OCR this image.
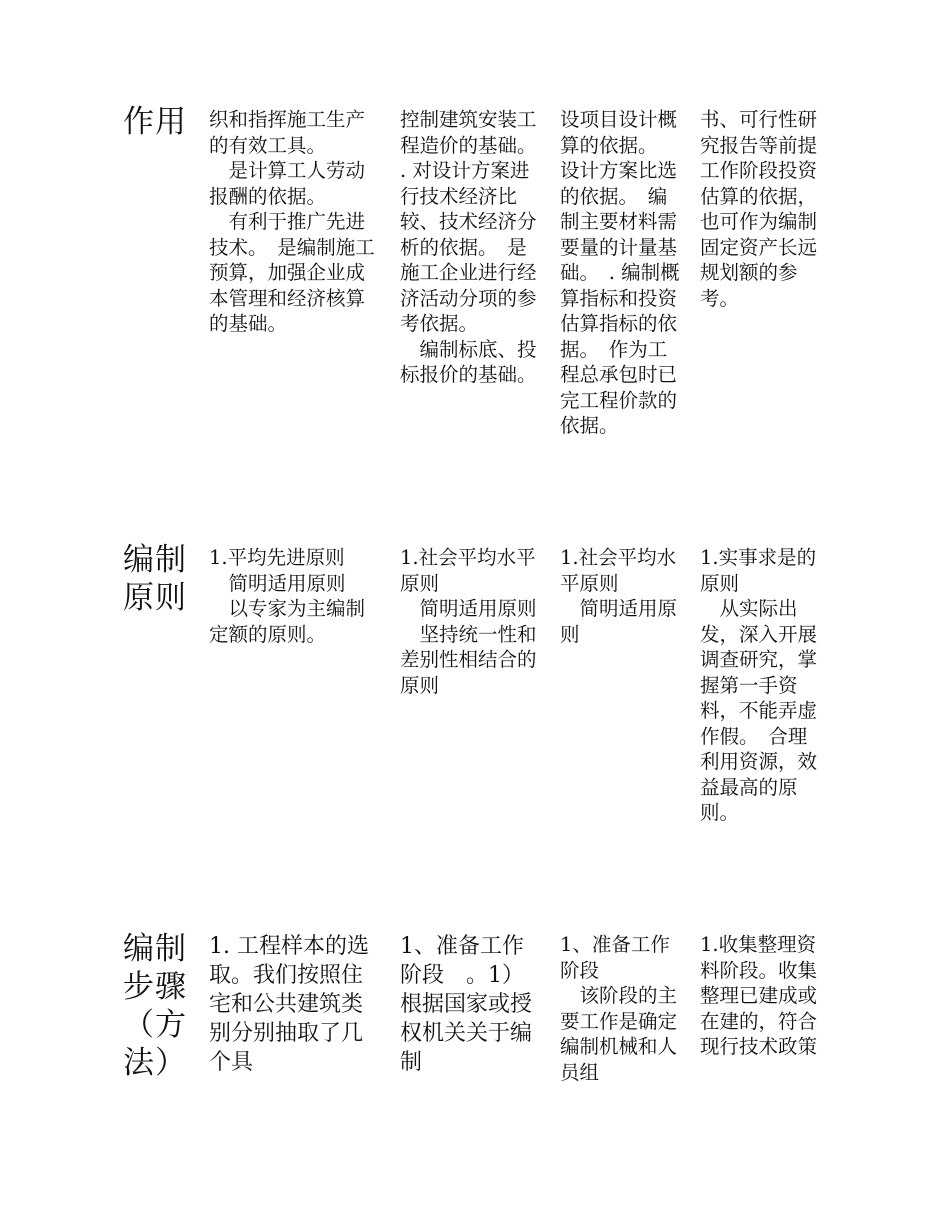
作用	织和指挥施工生产的有效工具。
　是计算工人劳动报酬的依据。
　有利于推广先进技术。　是编制施工预算，加强企业成本管理和经济核算的基础。
控制建筑安装工程造价的基础。　. 对设计方案进行技术经济比较、技术经济分析的依据。　是施工企业进行经济活动分项的参考依据。
　编制标底、投标报价的基础。
设项目设计概算的依据。　设计方案比选的依据。　编制主要材料需要量的计量基础。　. 编制概算指标和投资估算指标的依据。　作为工程总承包时已完工程价款的依据。
书、可行性研究报告等前提工作阶段投资估算的依据，也可作为编制固定资产长远规划额的参考。
编制原则
1.平均先进原则
　简明适用原则
　以专家为主编制定额的原则。
1.社会平均水平原则
　简明适用原则
　坚持统一性和差别性相结合的原则
1.社会平均水平原则
　简明适用原则
1.实事求是的原则
　从实际出发，深入开展调查研究，掌握第一手资料，不能弄虚作假。　合理利用资源，效益最高的原则。
编制步骤（方法）
1. 工程样本的选取。我们按照住宅和公共建筑类别分别抽取了几个具
1、准备工作阶段　。1）根据国家或授权机关关于编制
1、准备工作阶段
　该阶段的主要工作是确定编制机械和人员组
1.收集整理资料阶段。收集整理已建成或在建的，符合现行技术政策
